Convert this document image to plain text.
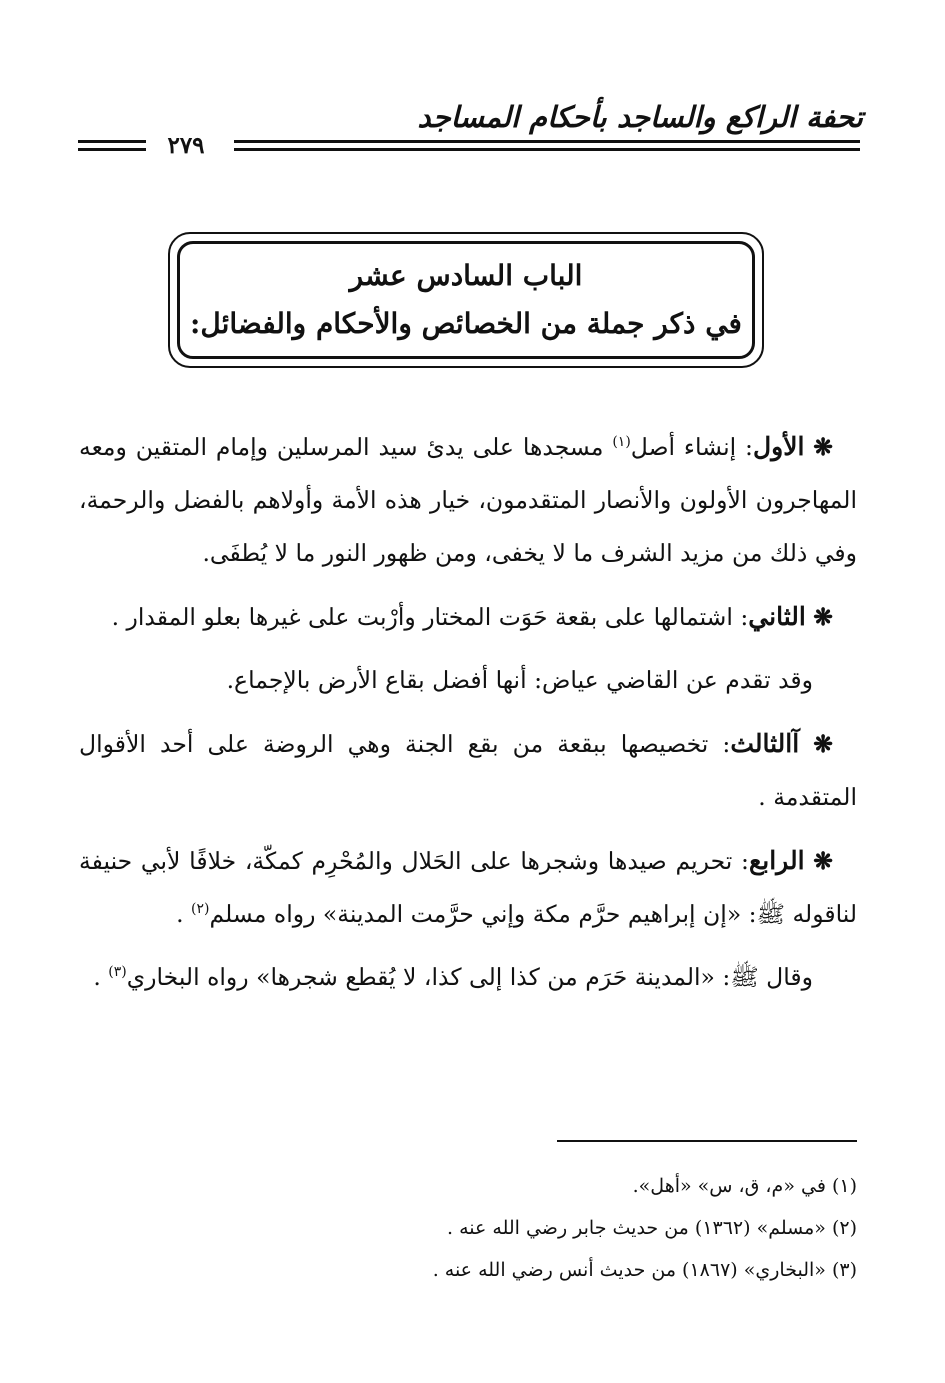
تحفة الراكع والساجد بأحكام المساجد
٢٧٩
الباب السادس عشر
في ذكر جملة من الخصائص والأحكام والفضائل:

❋ الأول: إنشاء أصل$^{(١)}$ مسجدها على يدئ سيد المرسلين وإمام المتقين ومعه المهاجرون الأولون والأنصار المتقدمون، خيار هذه الأمة وأولاهم بالفضل والرحمة، وفي ذلك من مزيد الشرف ما لا يخفى، ومن ظهور النور ما لا يُطفَى.

❋ الثاني: اشتمالها على بقعة حَوَت المختار وأرْبت على غيرها بعلو المقدار .

وقد تقدم عن القاضي عياض: أنها أفضل بقاع الأرض بالإجماع.

❋ آالثالث: تخصيصها ببقعة من بقع الجنة وهي الروضة على أحد الأقوال المتقدمة .

❋ الرابع: تحريم صيدها وشجرها على الحَلال والمُحْرِم كمكّة، خلافًا لأبي حنيفة لناقوله ﷺ: «إن إبراهيم حرَّم مكة وإني حرَّمت المدينة» رواه مسلم$^{(٢)}$ .

وقال ﷺ: «المدينة حَرَم من كذا إلى كذا، لا يُقطع شجرها» رواه البخاري$^{(٣)}$ .

(١) في «م، ق، س» «أهل».

(٢) «مسلم» (١٣٦٢) من حديث جابر رضي الله عنه .

(٣) «البخاري» (١٨٦٧) من حديث أنس رضي الله عنه .
